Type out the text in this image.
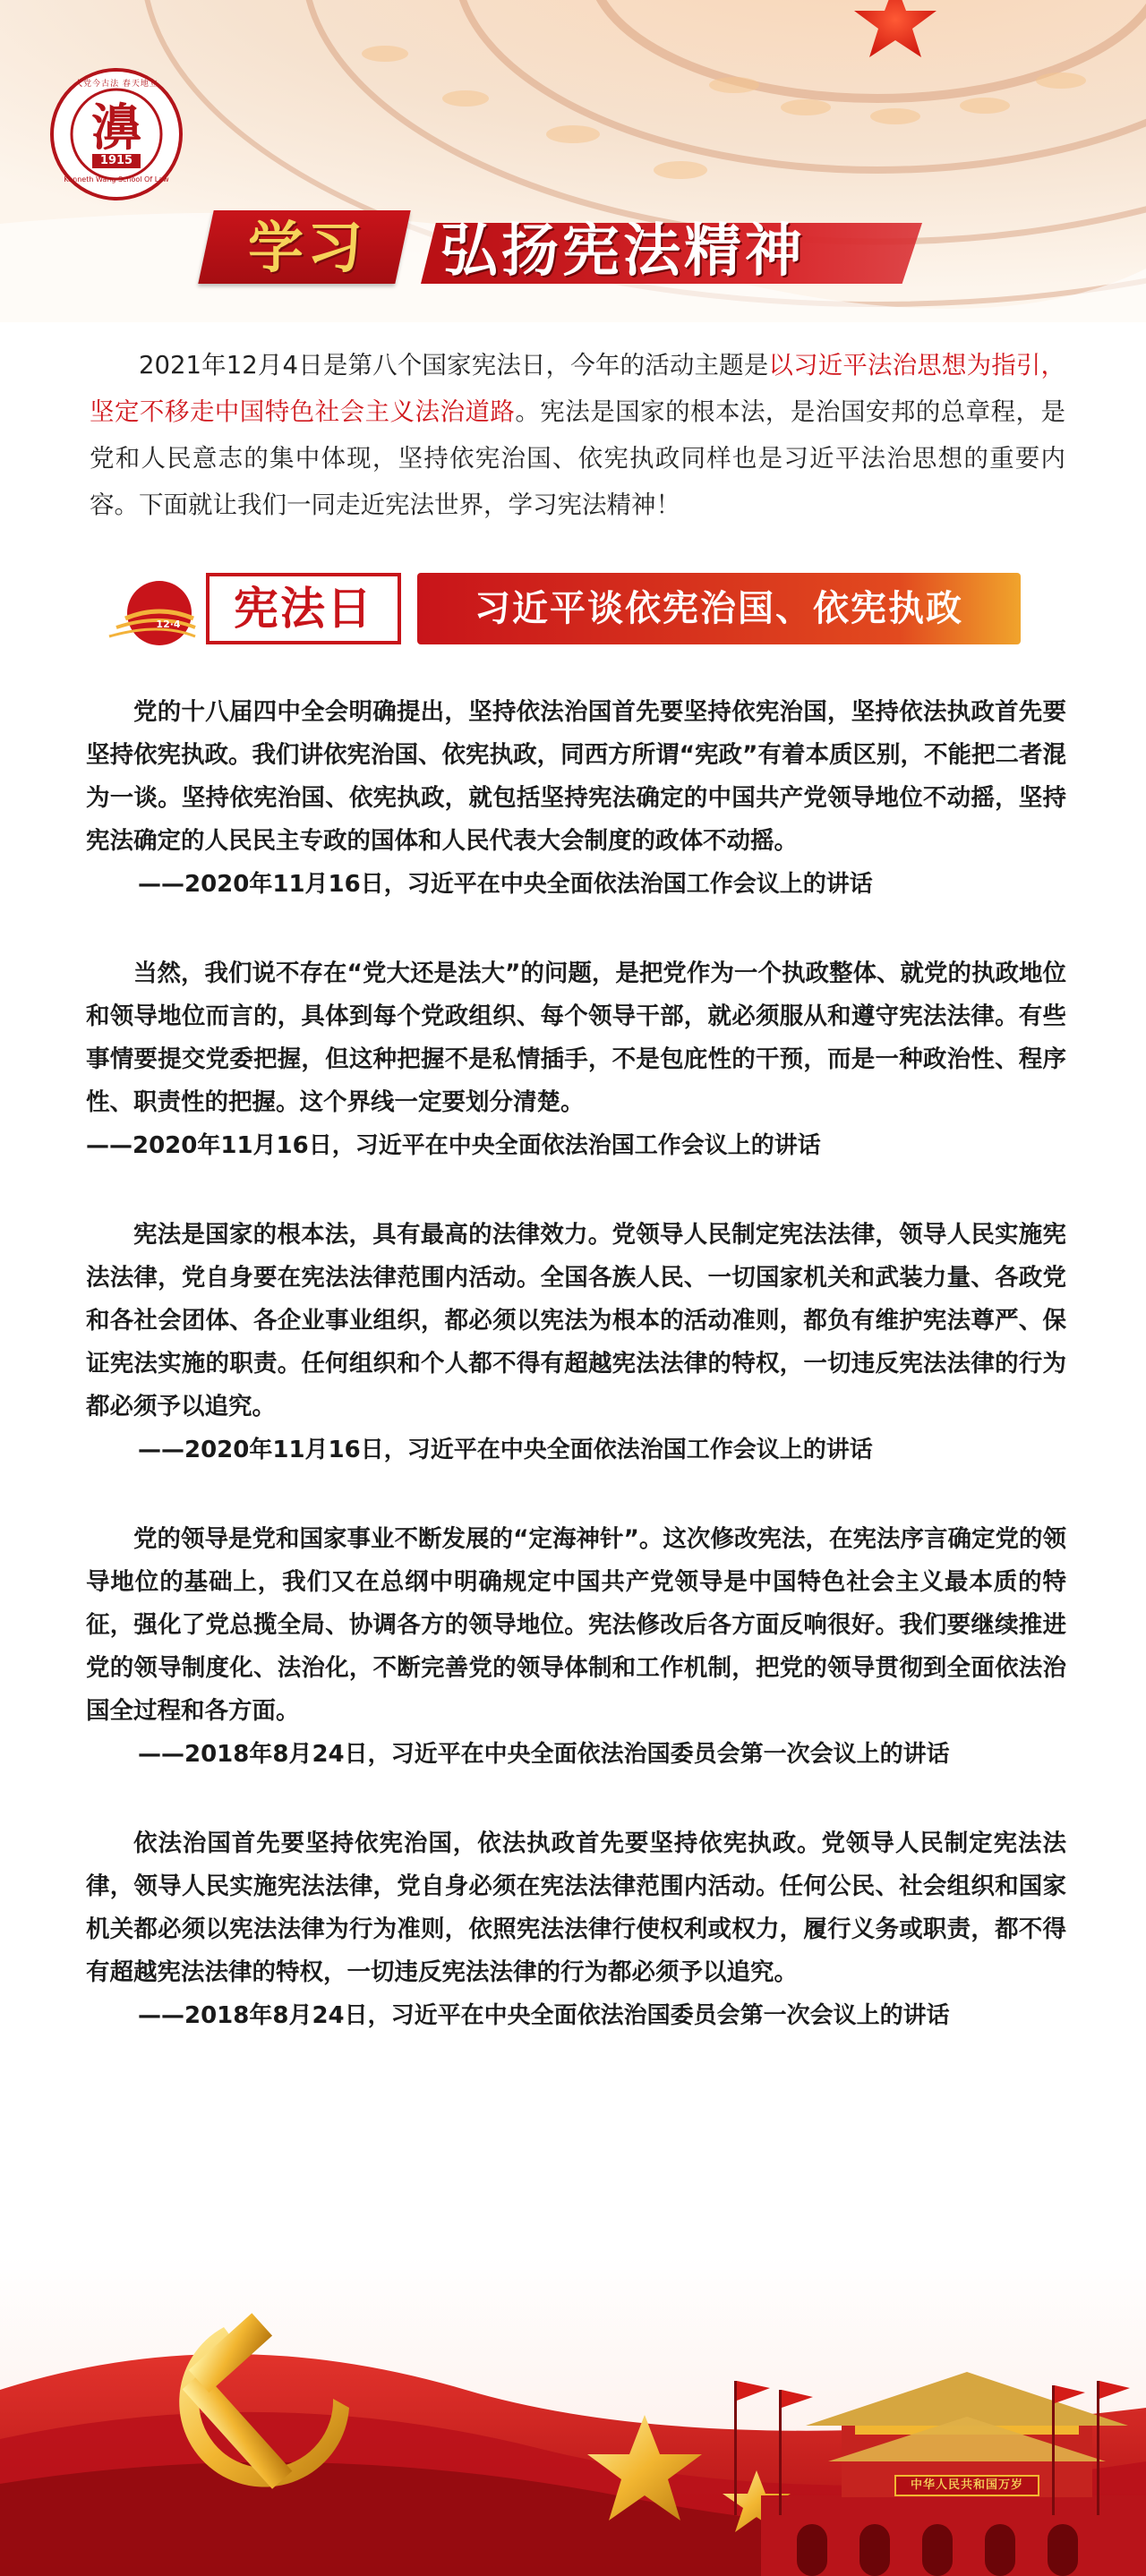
濞
1915
人党今古法 春天地立
Kenneth Wang School Of Law
学习 弘扬宪法精神

2021年12月4日是第八个国家宪法日，今年的活动主题是以习近平法治思想为指引，坚定不移走中国特色社会主义法治道路。宪法是国家的根本法，是治国安邦的总章程，是党和人民意志的集中体现，坚持依宪治国、依宪执政同样也是习近平法治思想的重要内容。下面就让我们一同走近宪法世界，学习宪法精神！

12·4	宪法日	习近平谈依宪治国、依宪执政

党的十八届四中全会明确提出，坚持依法治国首先要坚持依宪治国，坚持依法执政首先要坚持依宪执政。我们讲依宪治国、依宪执政，同西方所谓“宪政”有着本质区别，不能把二者混为一谈。坚持依宪治国、依宪执政，就包括坚持宪法确定的中国共产党领导地位不动摇，坚持宪法确定的人民民主专政的国体和人民代表大会制度的政体不动摇。

——2020年11月16日，习近平在中央全面依法治国工作会议上的讲话

当然，我们说不存在“党大还是法大”的问题，是把党作为一个执政整体、就党的执政地位和领导地位而言的，具体到每个党政组织、每个领导干部，就必须服从和遵守宪法法律。有些事情要提交党委把握，但这种把握不是私情插手，不是包庇性的干预，而是一种政治性、程序性、职责性的把握。这个界线一定要划分清楚。

——2020年11月16日，习近平在中央全面依法治国工作会议上的讲话

宪法是国家的根本法，具有最高的法律效力。党领导人民制定宪法法律，领导人民实施宪法法律，党自身要在宪法法律范围内活动。全国各族人民、一切国家机关和武装力量、各政党和各社会团体、各企业事业组织，都必须以宪法为根本的活动准则，都负有维护宪法尊严、保证宪法实施的职责。任何组织和个人都不得有超越宪法法律的特权，一切违反宪法法律的行为都必须予以追究。

——2020年11月16日，习近平在中央全面依法治国工作会议上的讲话

党的领导是党和国家事业不断发展的“定海神针”。这次修改宪法，在宪法序言确定党的领导地位的基础上，我们又在总纲中明确规定中国共产党领导是中国特色社会主义最本质的特征，强化了党总揽全局、协调各方的领导地位。宪法修改后各方面反响很好。我们要继续推进党的领导制度化、法治化，不断完善党的领导体制和工作机制，把党的领导贯彻到全面依法治国全过程和各方面。

——2018年8月24日，习近平在中央全面依法治国委员会第一次会议上的讲话

依法治国首先要坚持依宪治国，依法执政首先要坚持依宪执政。党领导人民制定宪法法律，领导人民实施宪法法律，党自身必须在宪法法律范围内活动。任何公民、社会组织和国家机关都必须以宪法法律为行为准则，依照宪法法律行使权利或权力，履行义务或职责，都不得有超越宪法法律的特权，一切违反宪法法律的行为都必须予以追究。

——2018年8月24日，习近平在中央全面依法治国委员会第一次会议上的讲话

中华人民共和国万岁
